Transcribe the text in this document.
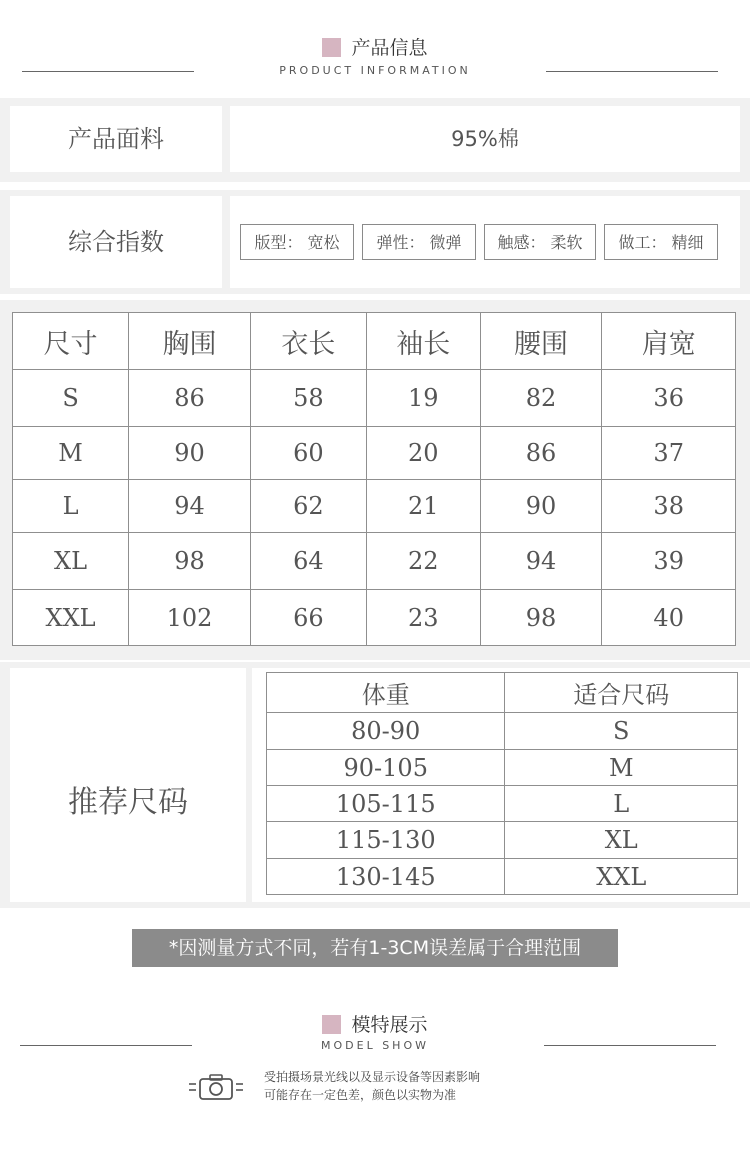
产品信息
PRODUCT INFORMATION
产品面料	95%棉
综合指数	版型： 宽松	弹性： 微弹	触感： 柔软	做工： 精细
尺寸	胸围	衣长	袖长	腰围	肩宽
S	86	58	19	82	36
M	90	60	20	86	37
L	94	62	21	90	38
XL	98	64	22	94	39
XXL	102	66	23	98	40
推荐尺码
体重	适合尺码
80-90	S
90-105	M
105-115	L
115-130	XL
130-145	XXL
*因测量方式不同，若有1-3CM误差属于合理范围
模特展示
MODEL SHOW
受拍摄场景光线以及显示设备等因素影响
可能存在一定色差，颜色以实物为准
